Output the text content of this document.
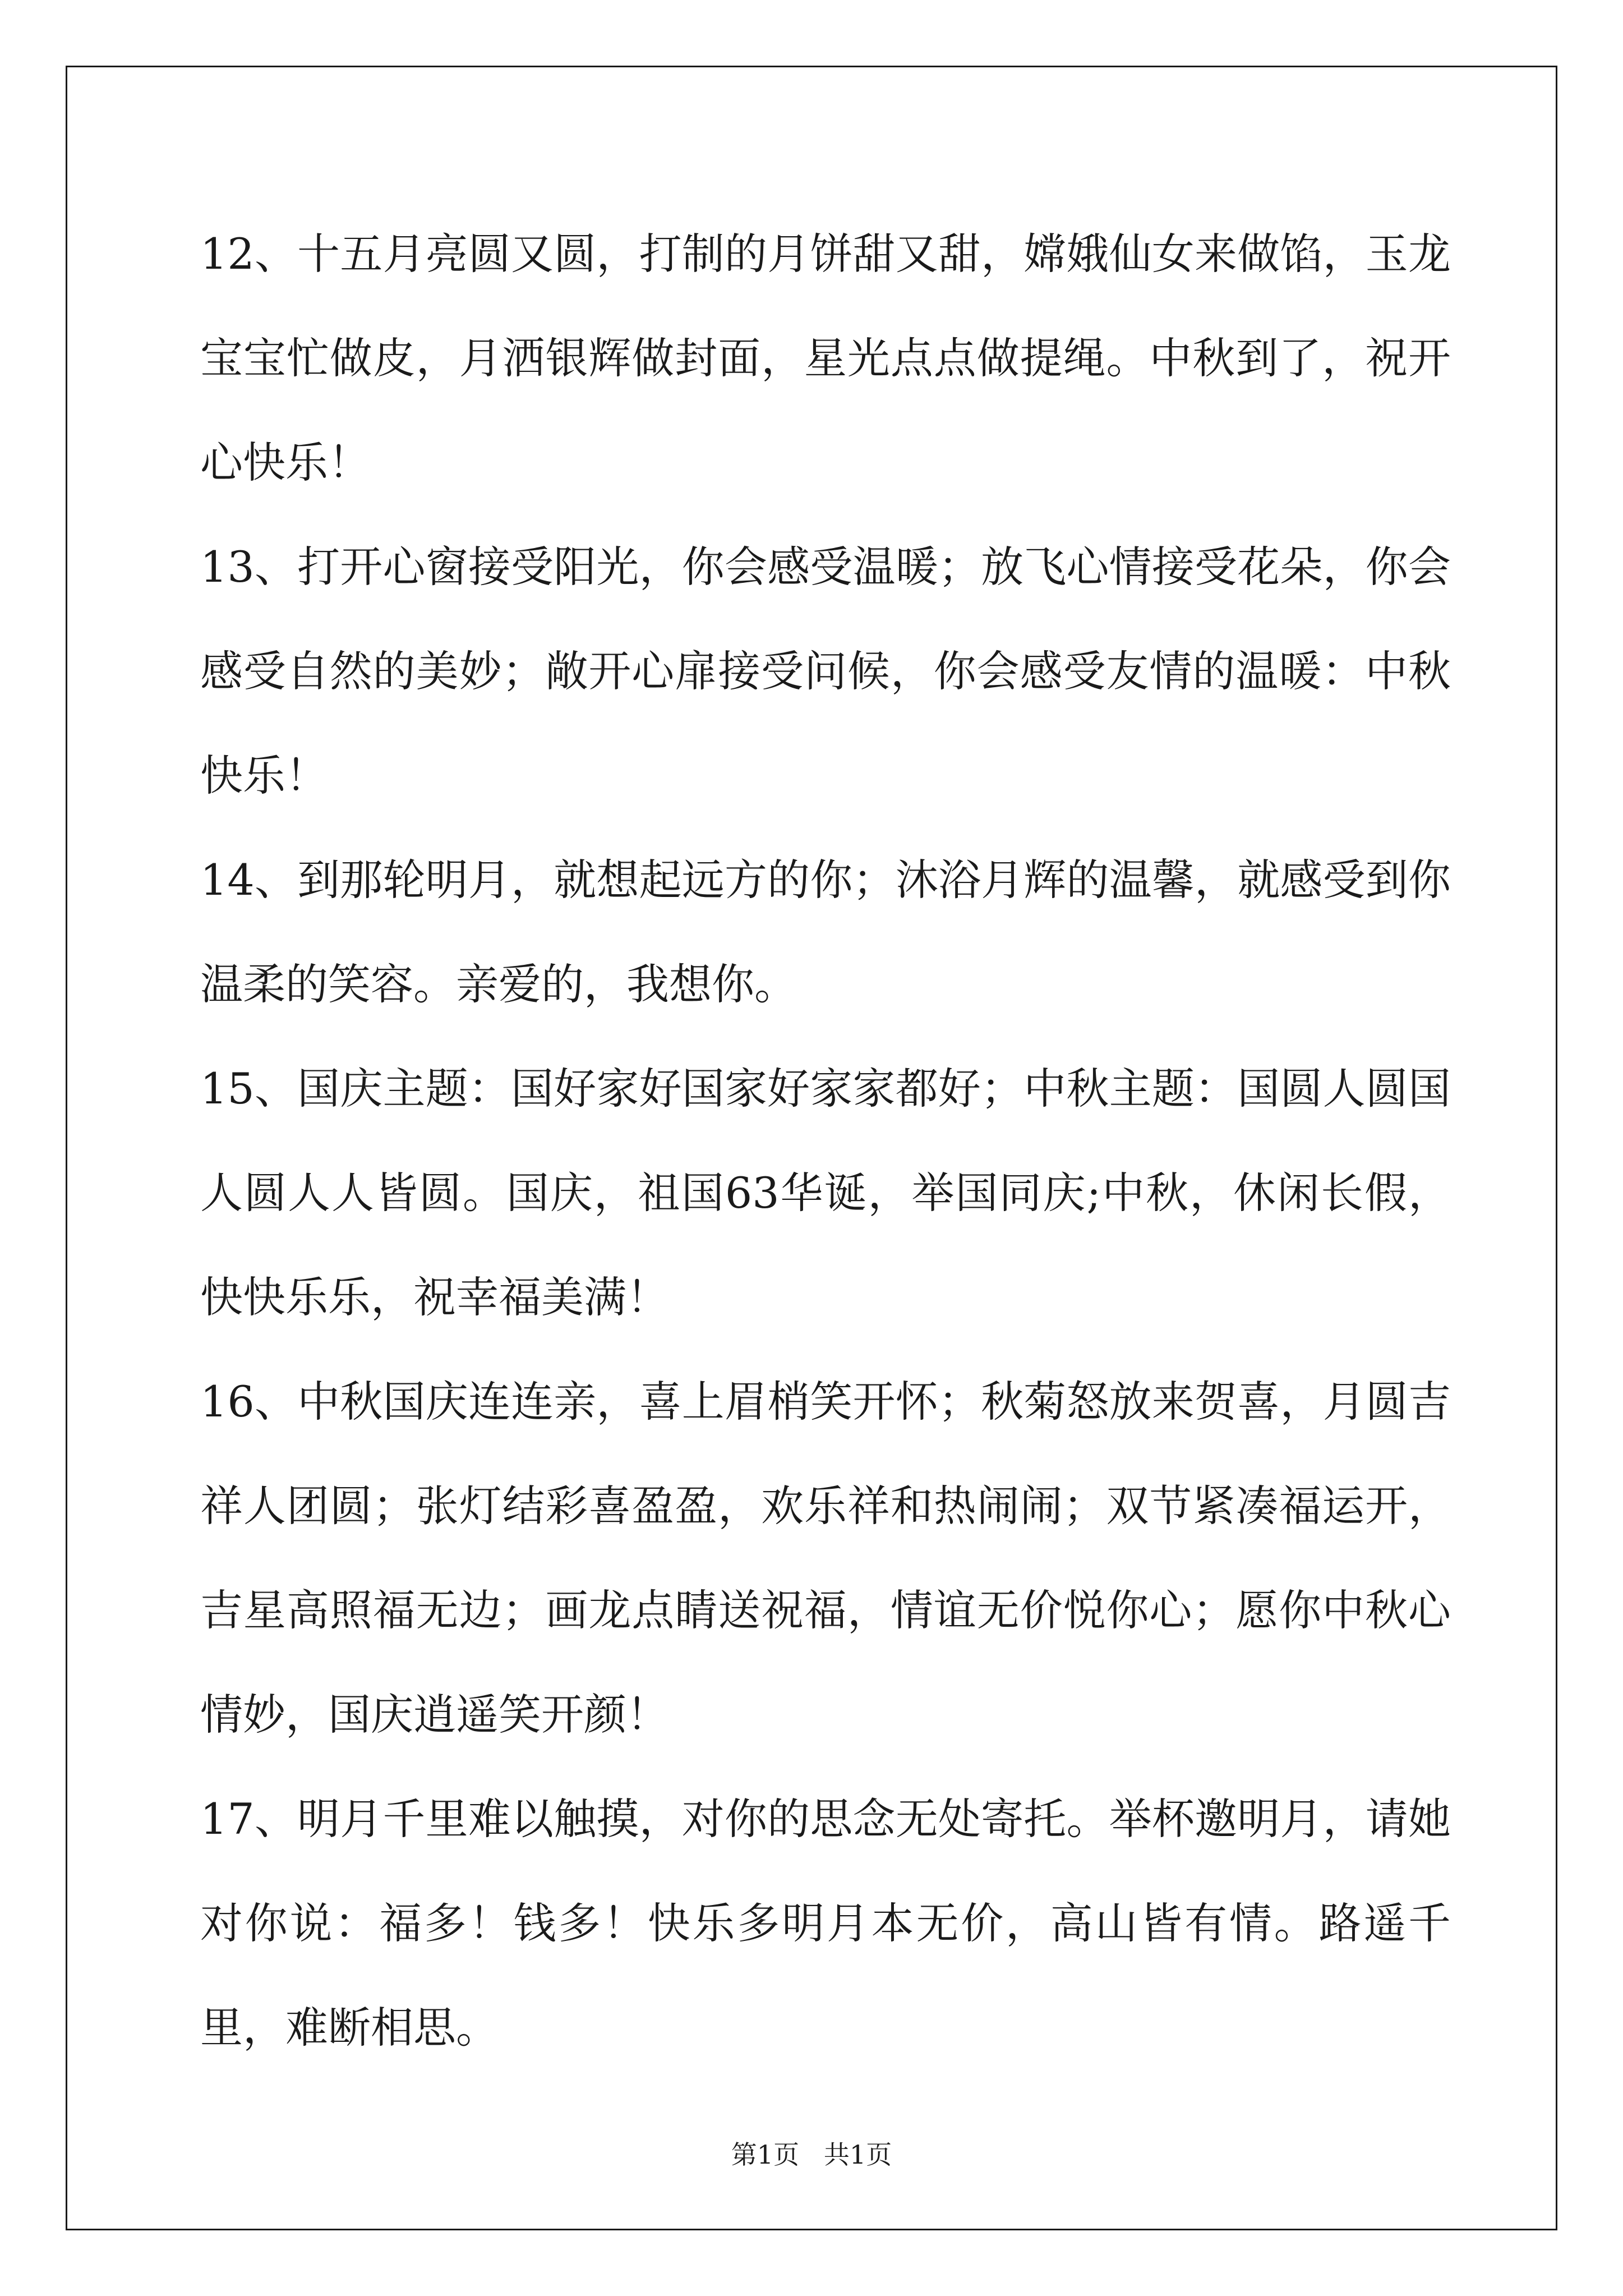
12、十五月亮圆又圆，打制的月饼甜又甜，嫦娥仙女来做馅，玉龙宝宝忙做皮，月洒银辉做封面，星光点点做提绳。中秋到了，祝开心快乐！

13、打开心窗接受阳光，你会感受温暖；放飞心情接受花朵，你会感受自然的美妙；敞开心扉接受问候，你会感受友情的温暖：中秋快乐！

14、到那轮明月，就想起远方的你；沐浴月辉的温馨，就感受到你温柔的笑容。亲爱的，我想你。

15、国庆主题：国好家好国家好家家都好；中秋主题：国圆人圆国人圆人人皆圆。国庆，祖国63华诞，举国同庆;中秋，休闲长假，快快乐乐，祝幸福美满！

16、中秋国庆连连亲，喜上眉梢笑开怀；秋菊怒放来贺喜，月圆吉祥人团圆；张灯结彩喜盈盈，欢乐祥和热闹闹；双节紧凑福运开，吉星高照福无边；画龙点睛送祝福，情谊无价悦你心；愿你中秋心情妙，国庆逍遥笑开颜！

17、明月千里难以触摸，对你的思念无处寄托。举杯邀明月，请她对你说：福多！钱多！快乐多明月本无价，高山皆有情。路遥千里，难断相思。

第1页   共1页
